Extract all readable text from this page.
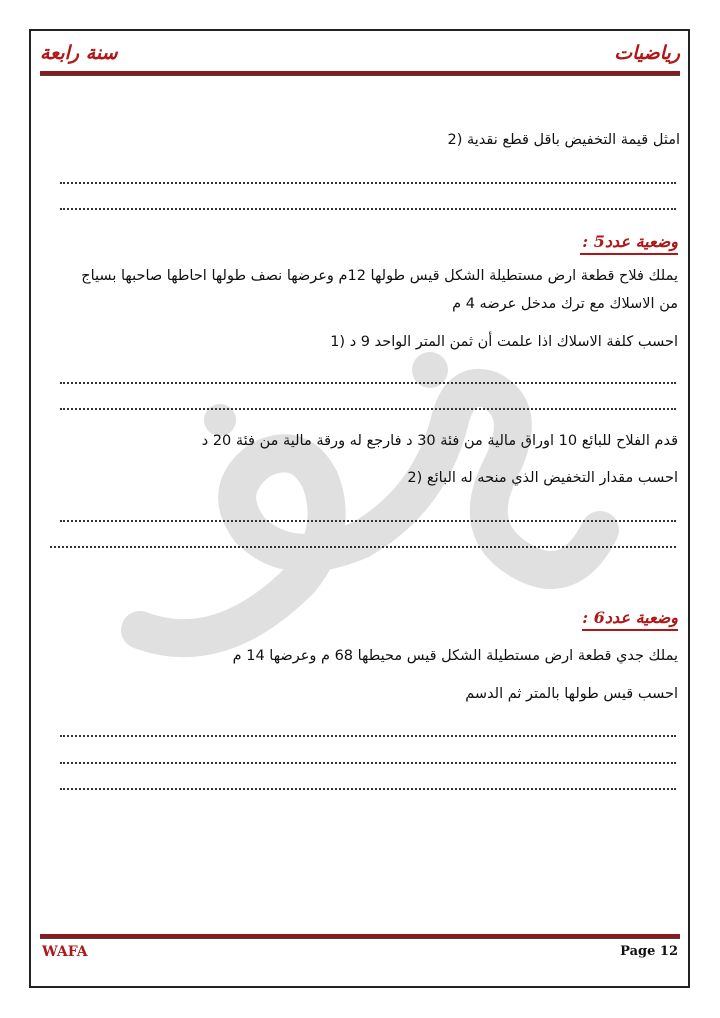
رياضيات
سنة رابعة
2) امثل قيمة التخفيض باقل قطع نقدية
وضعية عدد5 :
يملك فلاح قطعة ارض مستطيلة الشكل قيس طولها 12م وعرضها نصف طولها احاطها صاحبها بسياج
من الاسلاك مع ترك مدخل عرضه 4 م
1) احسب كلفة الاسلاك اذا علمت أن ثمن المتر الواحد 9 د
قدم الفلاح للبائع 10 اوراق مالية من فئة 30 د فارجع له ورقة مالية من فئة 20 د
2) احسب مقدار التخفيض الذي منحه له البائع
وضعية عدد6 :
يملك جدي قطعة ارض مستطيلة الشكل قيس محيطها 68 م وعرضها 14 م
احسب قيس طولها بالمتر ثم الدسم
WAFA	Page 12
